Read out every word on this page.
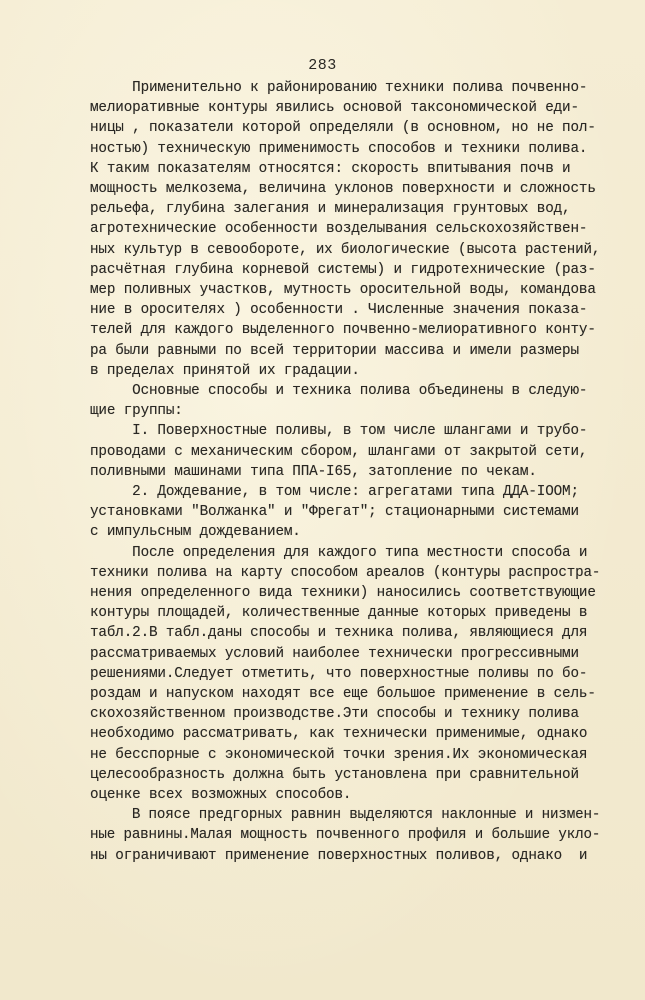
283
Применительно к районированию техники полива почвенно-
мелиоративные контуры явились основой таксономической еди-
ницы , показатели которой определяли (в основном, но не пол-
ностью) техническую применимость способов и техники полива.
К таким показателям относятся: скорость впитывания почв и
мощность мелкозема, величина уклонов поверхности и сложность
рельефа, глубина залегания и минерализация грунтовых вод,
агротехнические особенности возделывания сельскохозяйствен-
ных культур в севообороте, их биологические (высота растений,
расчётная глубина корневой системы) и гидротехнические (раз-
мер поливных участков, мутность оросительной воды, командова
ние в оросителях ) особенности . Численные значения показа-
телей для каждого выделенного почвенно-мелиоративного конту-
ра были равными по всей территории массива и имели размеры
в пределах принятой их градации.
Основные способы и техника полива объединены в следую-
щие группы:
I. Поверхностные поливы, в том числе шлангами и трубо-
проводами с механическим сбором, шлангами от закрытой сети,
поливными машинами типа ППА-I65, затопление по чекам.
2. Дождевание, в том числе: агрегатами типа ДДА-IOOM;
установками "Волжанка" и "Фрегат"; стационарными системами
с импульсным дождеванием.
После определения для каждого типа местности способа и
техники полива на карту способом ареалов (контуры распростра-
нения определенного вида техники) наносились соответствующие
контуры площадей, количественные данные которых приведены в
табл.2.В табл.даны способы и техника полива, являющиеся для
рассматриваемых условий наиболее технически прогрессивными
решениями.Следует отметить, что поверхностные поливы по бо-
роздам и напуском находят все еще большое применение в сель-
скохозяйственном производстве.Эти способы и технику полива
необходимо рассматривать, как технически применимые, однако
не бесспорные с экономической точки зрения.Их экономическая
целесообразность должна быть установлена при сравнительной
оценке всех возможных способов.
В поясе предгорных равнин выделяются наклонные и низмен-
ные равнины.Малая мощность почвенного профиля и большие укло-
ны ограничивают применение поверхностных поливов, однако  и
